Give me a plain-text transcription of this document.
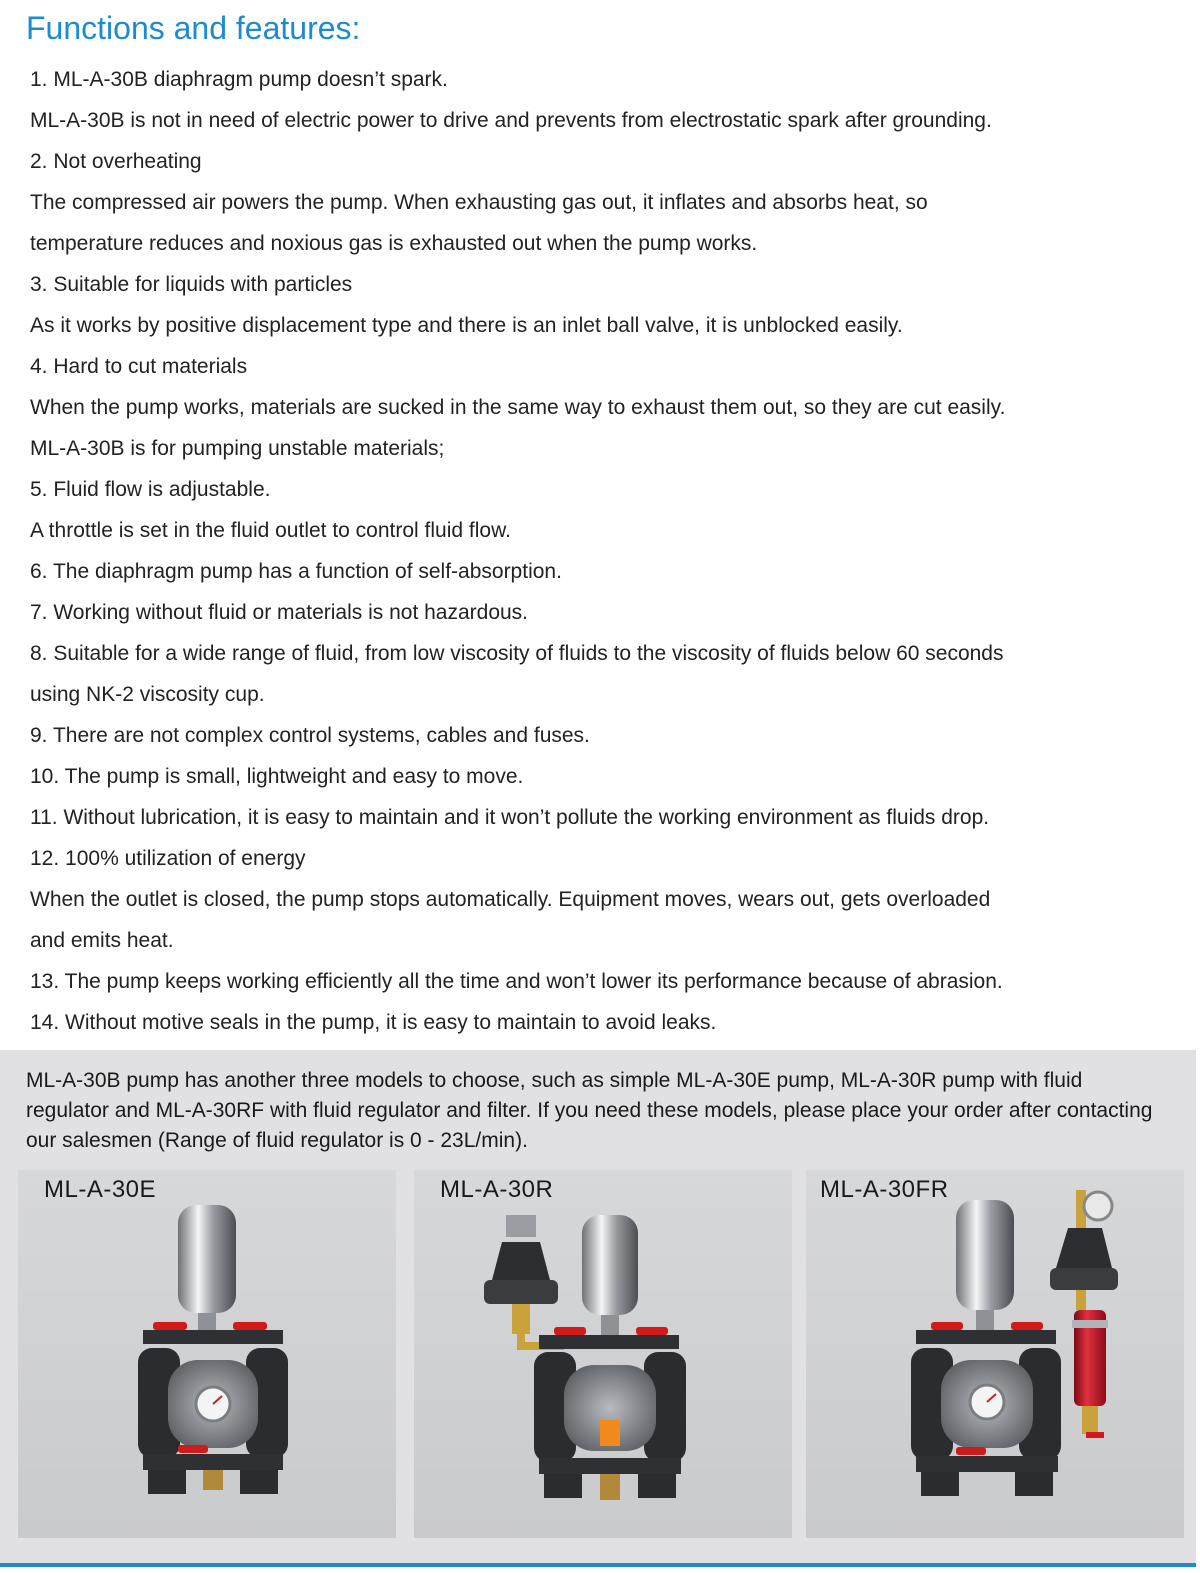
Functions and features:
1. ML-A-30B diaphragm pump doesn’t spark.
ML-A-30B is not in need of electric power to drive and prevents from electrostatic spark after grounding.
2. Not overheating
The compressed air powers the pump. When exhausting gas out, it inflates and absorbs heat, so
temperature reduces and noxious gas is exhausted out when the pump works.
3. Suitable for liquids with particles
As it works by positive displacement type and there is an inlet ball valve, it is unblocked easily.
4. Hard to cut materials
When the pump works, materials are sucked in the same way to exhaust them out, so they are cut easily.
ML-A-30B is for pumping unstable materials;
5. Fluid flow is adjustable.
A throttle is set in the fluid outlet to control fluid flow.
6. The diaphragm pump has a function of self-absorption.
7. Working without fluid or materials is not hazardous.
8. Suitable for a wide range of fluid, from low viscosity of fluids to the viscosity of fluids below 60 seconds
using NK-2 viscosity cup.
9. There are not complex control systems, cables and fuses.
10. The pump is small, lightweight and easy to move.
11. Without lubrication, it is easy to maintain and it won’t pollute the working environment as fluids drop.
12. 100% utilization of energy
When the outlet is closed, the pump stops automatically. Equipment moves, wears out, gets overloaded
and emits heat.
13. The pump keeps working efficiently all the time and won’t lower its performance because of abrasion.
14. Without motive seals in the pump, it is easy to maintain to avoid leaks.

ML-A-30B pump has another three models to choose, such as simple ML-A-30E pump, ML-A-30R pump with fluid regulator and ML-A-30RF with fluid regulator and filter. If you need these models, please place your order after contacting our salesmen (Range of fluid regulator is 0 - 23L/min).

ML-A-30E	ML-A-30R	ML-A-30FR
